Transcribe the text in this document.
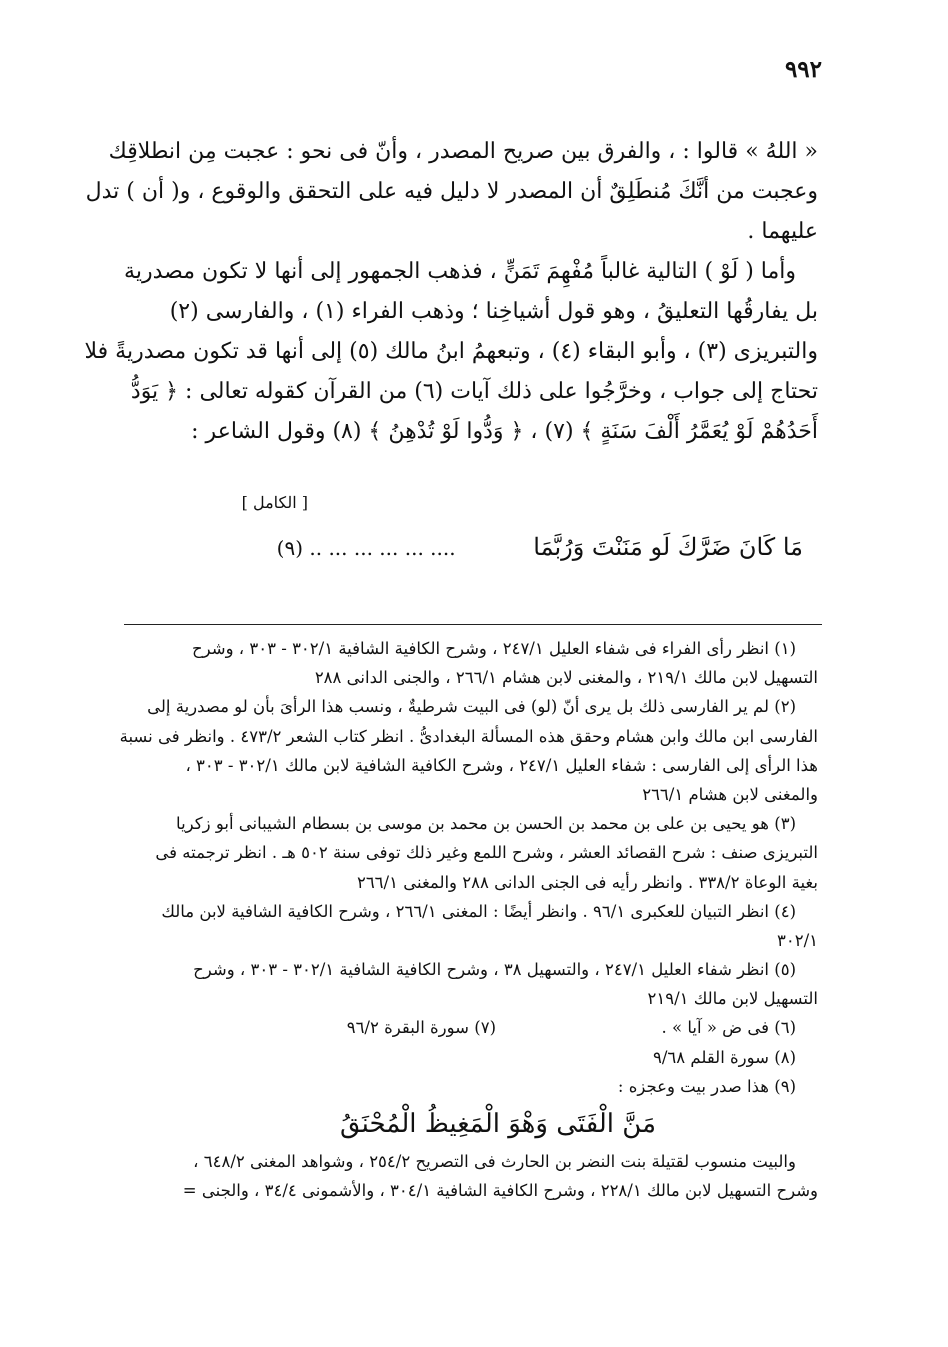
٩٩٢
« اللهُ » قالوا : ، والفرق بين صريح المصدر ، وأنّ فى نحو : عجبت مِن انطلاقِك
وعجبت من أنَّكَ مُنطَلِقٌ أن المصدر لا دليل فيه على التحقق والوقوع ، و( أن ) تدل
عليهما .
وأما ( لَوْ ) التالية غالباً مُفْهِمَ تَمَنٍّ ، فذهب الجمهور إلى أنها لا تكون مصدرية
بل يفارقُها التعليقُ ، وهو قول أشياخِنا ؛ وذهب الفراء (١) ، والفارسى (٢)
والتبريزى (٣) ، وأبو البقاء (٤) ، وتبعهمُ ابنُ مالك (٥) إلى أنها قد تكون مصدريةً فلا
تحتاج إلى جواب ، وخرَّجُوا على ذلك آيات (٦) من القرآن كقوله تعالى : ﴿ يَوَدُّ
أَحَدُهُمْ لَوْ يُعَمَّرُ أَلْفَ سَنَةٍ ﴾ (٧) ، ﴿ وَدُّوا لَوْ تُدْهِنُ ﴾ (٨) وقول الشاعر :
[ الكامل ]
مَا كَانَ ضَرَّكَ لَو مَنَنْتَ وَرُبَّمَا .... ... ... ... ... .. (٩)
(١) انظر رأى الفراء فى شفاء العليل ٢٤٧/١ ، وشرح الكافية الشافية ٣٠٢/١ - ٣٠٣ ، وشرح
التسهيل لابن مالك ٢١٩/١ ، والمغنى لابن هشام ٢٦٦/١ ، والجنى الدانى ٢٨٨
(٢) لم ير الفارسى ذلك بل يرى أنّ (لو) فى البيت شرطيةٌ ، ونسب هذا الرأىَ بأن لو مصدرية إلى
الفارسى ابن مالك وابن هشام وحقق هذه المسألة البغدادىُّ . انظر كتاب الشعر ٤٧٣/٢ . وانظر فى نسبة
هذا الرأى إلى الفارسى : شفاء العليل ٢٤٧/١ ، وشرح الكافية الشافية لابن مالك ٣٠٢/١ - ٣٠٣ ،
والمغنى لابن هشام ٢٦٦/١
(٣) هو يحيى بن على بن محمد بن الحسن بن محمد بن موسى بن بسطام الشيبانى أبو زكريا
التبريزى صنف : شرح القصائد العشر ، وشرح اللمع وغير ذلك توفى سنة ٥٠٢ هـ . انظر ترجمته فى
بغية الوعاة ٣٣٨/٢ . وانظر رأيه فى الجنى الدانى ٢٨٨ والمغنى ٢٦٦/١
(٤) انظر التبيان للعكبرى ٩٦/١ . وانظر أيضًا : المغنى ٢٦٦/١ ، وشرح الكافية الشافية لابن مالك
٣٠٢/١
(٥) انظر شفاء العليل ٢٤٧/١ ، والتسهيل ٣٨ ، وشرح الكافية الشافية ٣٠٢/١ - ٣٠٣ ، وشرح
التسهيل لابن مالك ٢١٩/١
(٦) فى ض « آيا » .
(٧) سورة البقرة ٩٦/٢
(٨) سورة القلم ٩/٦٨
(٩) هذا صدر بيت وعجزه :
مَنَّ الْفَتَى وَهْوَ الْمَغِيظُ الْمُحْنَقُ
والبيت منسوب لقتيلة بنت النضر بن الحارث فى التصريح ٢٥٤/٢ ، وشواهد المغنى ٦٤٨/٢ ،
وشرح التسهيل لابن مالك ٢٢٨/١ ، وشرح الكافية الشافية ٣٠٤/١ ، والأشمونى ٣٤/٤ ، والجنى =
